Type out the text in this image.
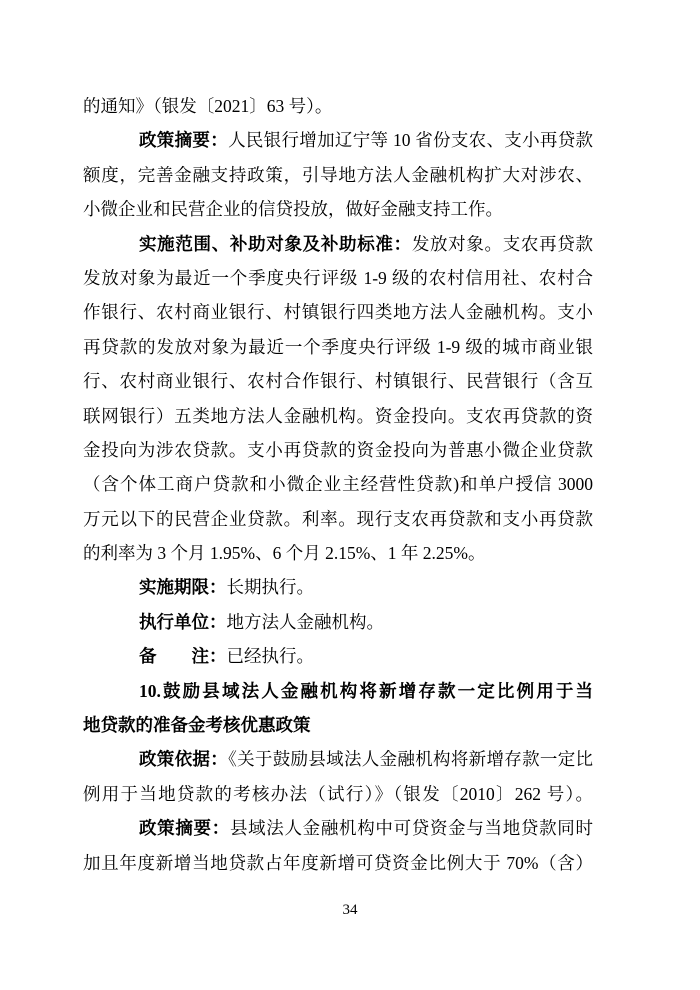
的通知》（银发〔2021〕63 号）。
政策摘要：人民银行增加辽宁等 10 省份支农、支小再贷款
额度，完善金融支持政策，引导地方法人金融机构扩大对涉农、
小微企业和民营企业的信贷投放，做好金融支持工作。
实施范围、补助对象及补助标准：发放对象。支农再贷款
发放对象为最近一个季度央行评级 1-9 级的农村信用社、农村合
作银行、农村商业银行、村镇银行四类地方法人金融机构。支小
再贷款的发放对象为最近一个季度央行评级 1-9 级的城市商业银
行、农村商业银行、农村合作银行、村镇银行、民营银行（含互
联网银行）五类地方法人金融机构。资金投向。支农再贷款的资
金投向为涉农贷款。支小再贷款的资金投向为普惠小微企业贷款
（含个体工商户贷款和小微企业主经营性贷款)和单户授信 3000
万元以下的民营企业贷款。利率。现行支农再贷款和支小再贷款
的利率为 3 个月 1.95%、6 个月 2.15%、1 年 2.25%。
实施期限：长期执行。
执行单位：地方法人金融机构。
备　　注：已经执行。
10.鼓励县域法人金融机构将新增存款一定比例用于当
地贷款的准备金考核优惠政策
政策依据：《关于鼓励县域法人金融机构将新增存款一定比
例用于当地贷款的考核办法（试行）》（银发〔2010〕262 号）。
政策摘要：县域法人金融机构中可贷资金与当地贷款同时
加且年度新增当地贷款占年度新增可贷资金比例大于 70%（含）
34
